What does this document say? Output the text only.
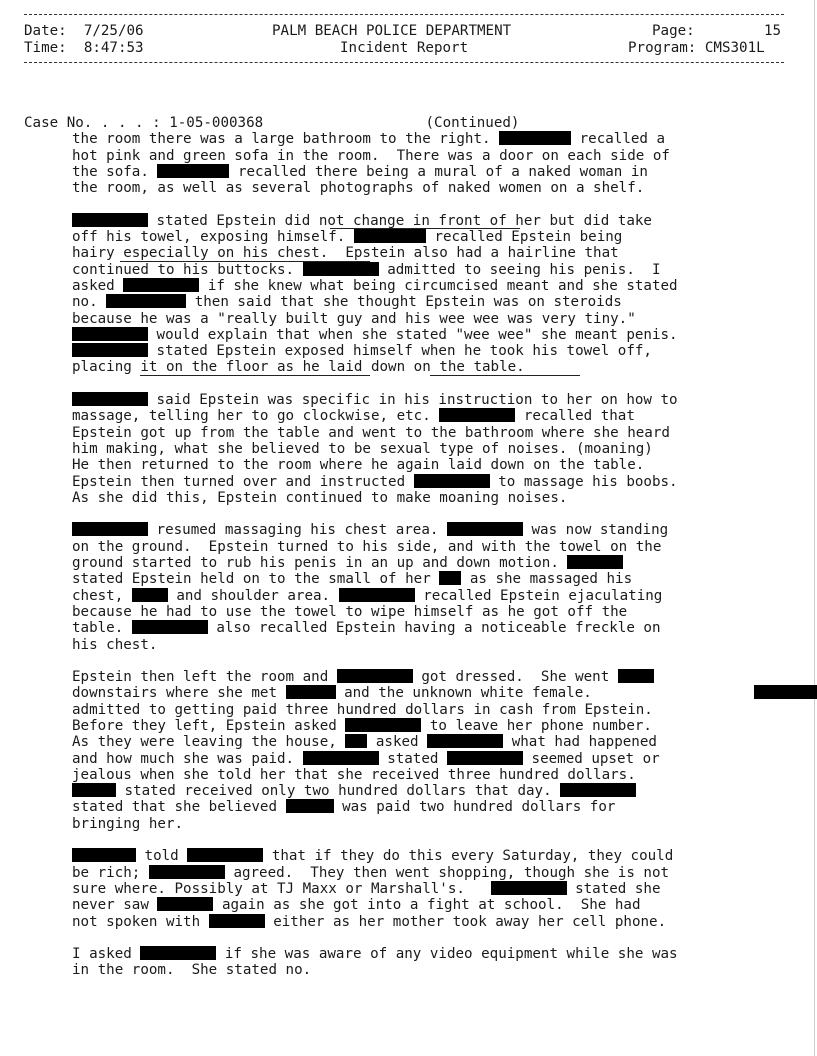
Date: 7/25/06
Time: 8:47:53
PALM BEACH POLICE DEPARTMENT
Incident Report
Page:	15
Program: CMS301L
Case No. . . . : 1-05-000368	(Continued)
the room there was a large bathroom to the right.	recalled a
hot pink and green sofa in the room.  There was a door on each side of
the sofa.	recalled there being a mural of a naked woman in
the room, as well as several photographs of naked women on a shelf.
stated Epstein did not change in front of her but did take
off his towel, exposing himself.	recalled Epstein being
hairy especially on his chest.  Epstein also had a hairline that
continued to his buttocks.	admitted to seeing his penis.  I
asked	if she knew what being circumcised meant and she stated
no.	then said that she thought Epstein was on steroids
because he was a "really built guy and his wee wee was very tiny."
would explain that when she stated "wee wee" she meant penis.
stated Epstein exposed himself when he took his towel off,
placing it on the floor as he laid down on the table.
said Epstein was specific in his instruction to her on how to
massage, telling her to go clockwise, etc.	recalled that
Epstein got up from the table and went to the bathroom where she heard
him making, what she believed to be sexual type of noises. (moaning)
He then returned to the room where he again laid down on the table.
Epstein then turned over and instructed	to massage his boobs.
As she did this, Epstein continued to make moaning noises.
resumed massaging his chest area.	was now standing
on the ground.  Epstein turned to his side, and with the towel on the
ground started to rub his penis in an up and down motion.
stated Epstein held on to the small of her	as she massaged his
chest,	and shoulder area.	recalled Epstein ejaculating
because he had to use the towel to wipe himself as he got off the
table.	also recalled Epstein having a noticeable freckle on
his chest.
Epstein then left the room and	got dressed.  She went
downstairs where she met	and the unknown white female.
admitted to getting paid three hundred dollars in cash from Epstein.
Before they left, Epstein asked	to leave her phone number.
As they were leaving the house,	asked	what had happened
and how much she was paid.	stated	seemed upset or
jealous when she told her that she received three hundred dollars.
stated received only two hundred dollars that day.
stated that she believed	was paid two hundred dollars for
bringing her.
told	that if they do this every Saturday, they could
be rich;	agreed.  They then went shopping, though she is not
sure where. Possibly at TJ Maxx or Marshall's.	stated she
never saw	again as she got into a fight at school.  She had
not spoken with	either as her mother took away her cell phone.
I asked	if she was aware of any video equipment while she was
in the room.  She stated no.
